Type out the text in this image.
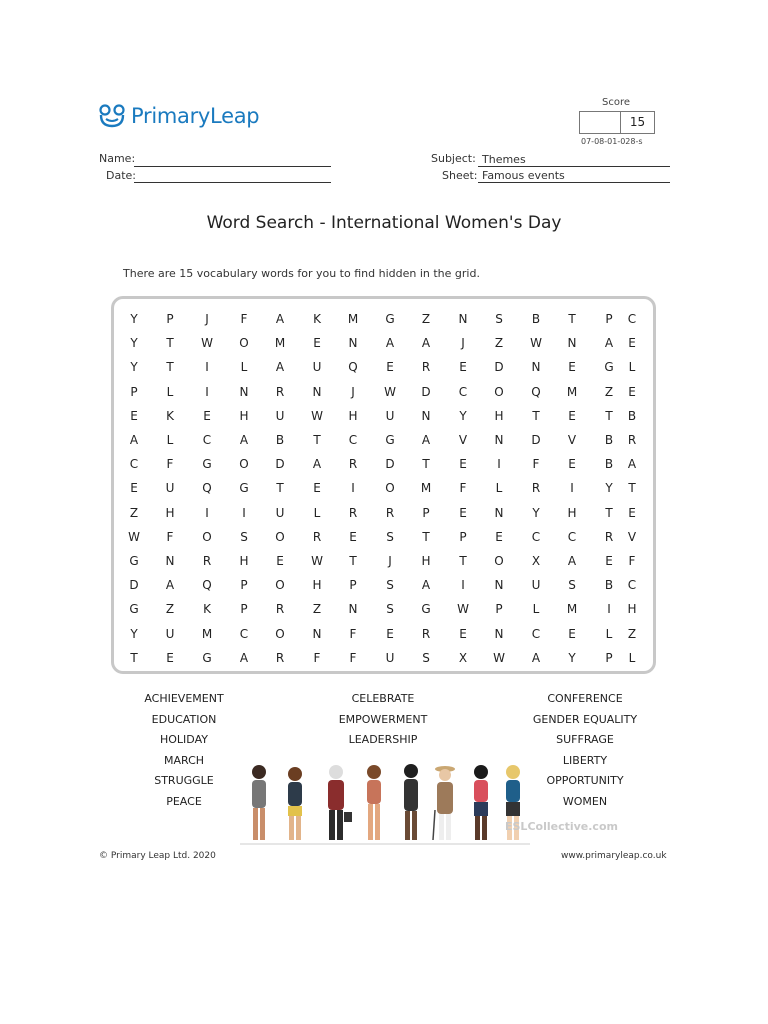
PrimaryLeap
Score
15
07-08-01-028-s
Name:
Date:
Subject: Themes
Sheet: Famous events
Word Search - International Women's Day
There are 15 vocabulary words for you to find hidden in the grid.
Y	P	J	F	A	K	M	G	Z	N	S	B	T	P	C
Y	T	W	O	M	E	N	A	A	J	Z	W	N	A	E
Y	T	I	L	A	U	Q	E	R	E	D	N	E	G	L
P	L	I	N	R	N	J	W	D	C	O	Q	M	Z	E
E	K	E	H	U	W	H	U	N	Y	H	T	E	T	B
A	L	C	A	B	T	C	G	A	V	N	D	V	B	R
C	F	G	O	D	A	R	D	T	E	I	F	E	B	A
E	U	Q	G	T	E	I	O	M	F	L	R	I	Y	T
Z	H	I	I	U	L	R	R	P	E	N	Y	H	T	E
W	F	O	S	O	R	E	S	T	P	E	C	C	R	V
G	N	R	H	E	W	T	J	H	T	O	X	A	E	F
D	A	Q	P	O	H	P	S	A	I	N	U	S	B	C
G	Z	K	P	R	Z	N	S	G	W	P	L	M	I	H
Y	U	M	C	O	N	F	E	R	E	N	C	E	L	Z
T	E	G	A	R	F	F	U	S	X	W	A	Y	P	L
ACHIEVEMENT
EDUCATION
HOLIDAY
MARCH
STRUGGLE
PEACE
CELEBRATE
EMPOWERMENT
LEADERSHIP
CONFERENCE
GENDER EQUALITY
SUFFRAGE
LIBERTY
OPPORTUNITY
WOMEN
ESLCollective.com
© Primary Leap Ltd. 2020	www.primaryleap.co.uk
